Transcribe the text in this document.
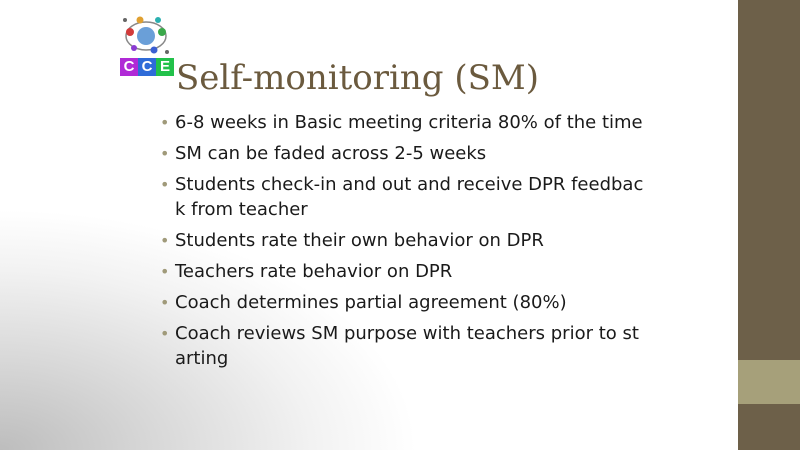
C C E Self-monitoring (SM)
• 6-8 weeks in Basic meeting criteria 80% of the time
• SM can be faded across 2-5 weeks
• Students check-in and out and receive DPR feedbac
k from teacher
• Students rate their own behavior on DPR
• Teachers rate behavior on DPR
• Coach determines partial agreement (80%)
• Coach reviews SM purpose with teachers prior to st
arting
